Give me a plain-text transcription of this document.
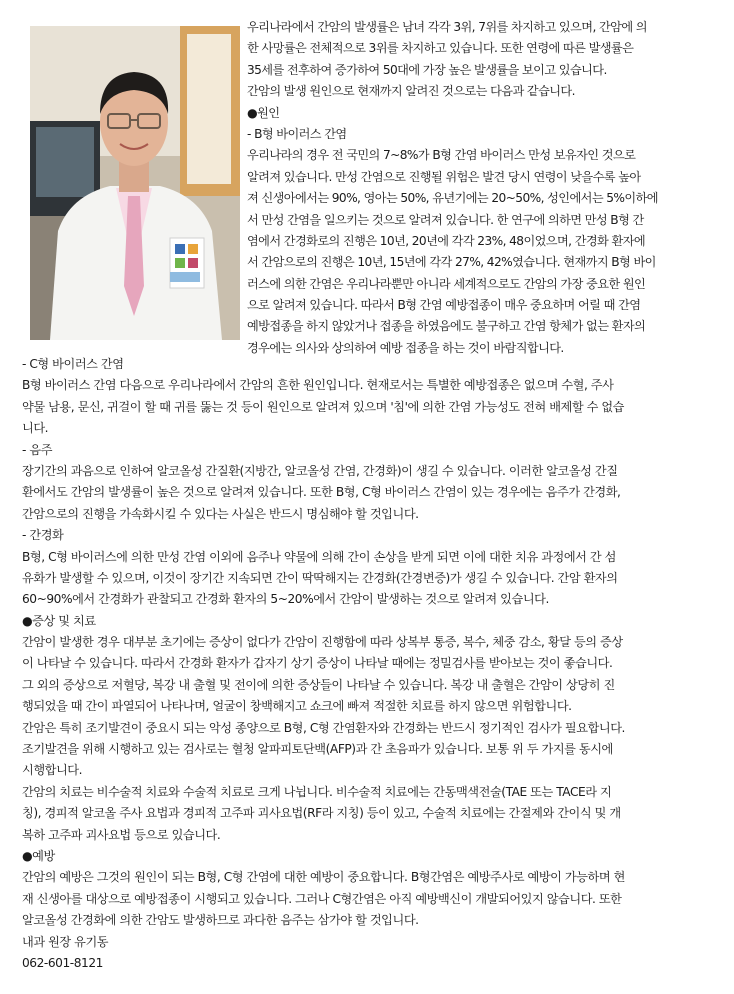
우리나라에서 간암의 발생률은 남녀 각각 3위, 7위를 차지하고 있으며, 간암에 의
한 사망률은 전체적으로 3위를 차지하고 있습니다. 또한 연령에 따른 발생률은
35세를 전후하여 증가하여 50대에 가장 높은 발생률을 보이고 있습니다.
간암의 발생 원인으로 현재까지 알려진 것으로는 다음과 같습니다.
●원인
- B형 바이러스 간염
우리나라의 경우 전 국민의 7~8%가 B형 간염 바이러스 만성 보유자인 것으로
알려져 있습니다. 만성 간염으로 진행될 위험은 발견 당시 연령이 낮을수록 높아
져 신생아에서는 90%, 영아는 50%, 유년기에는 20~50%, 성인에서는 5%이하에
서 만성 간염을 일으키는 것으로 알려져 있습니다. 한 연구에 의하면 만성 B형 간
염에서 간경화로의 진행은 10년, 20년에 각각 23%, 48이었으며, 간경화 환자에
서 간암으로의 진행은 10년, 15년에 각각 27%, 42%였습니다. 현재까지 B형 바이
러스에 의한 간염은 우리나라뿐만 아니라 세계적으로도 간암의 가장 중요한 원인
으로 알려져 있습니다. 따라서 B형 간염 예방접종이 매우 중요하며 어릴 때 간염
예방접종을 하지 않았거나 접종을 하였음에도 불구하고 간염 항체가 없는 환자의
경우에는 의사와 상의하여 예방 접종을 하는 것이 바람직합니다.
- C형 바이러스 간염
B형 바이러스 간염 다음으로 우리나라에서 간암의 흔한 원인입니다. 현재로서는 특별한 예방접종은 없으며 수혈, 주사
약물 남용, 문신, 귀걸이 할 때 귀를 뚫는 것 등이 원인으로 알려져 있으며 '침'에 의한 간염 가능성도 전혀 배제할 수 없습
니다.
- 음주
장기간의 과음으로 인하여 알코올성 간질환(지방간, 알코올성 간염, 간경화)이 생길 수 있습니다. 이러한 알코올성 간질
환에서도 간암의 발생률이 높은 것으로 알려져 있습니다. 또한 B형, C형 바이러스 간염이 있는 경우에는 음주가 간경화,
간암으로의 진행을 가속화시킬 수 있다는 사실은 반드시 명심해야 할 것입니다.
- 간경화
B형, C형 바이러스에 의한 만성 간염 이외에 음주나 약물에 의해 간이 손상을 받게 되면 이에 대한 치유 과정에서 간 섬
유화가 발생할 수 있으며, 이것이 장기간 지속되면 간이 딱딱해지는 간경화(간경변증)가 생길 수 있습니다. 간암 환자의
60~90%에서 간경화가 관찰되고 간경화 환자의 5~20%에서 간암이 발생하는 것으로 알려져 있습니다.
●증상 및 치료
간암이 발생한 경우 대부분 초기에는 증상이 없다가 간암이 진행함에 따라 상복부 통증, 복수, 체중 감소, 황달 등의 증상
이 나타날 수 있습니다. 따라서 간경화 환자가 갑자기 상기 증상이 나타날 때에는 정밀검사를 받아보는 것이 좋습니다.
그 외의 증상으로 저혈당, 복강 내 출혈 및 전이에 의한 증상들이 나타날 수 있습니다. 복강 내 출혈은 간암이 상당히 진
행되었을 때 간이 파열되어 나타나며, 얼굴이 창백해지고 쇼크에 빠져 적절한 치료를 하지 않으면 위험합니다.
간암은 특히 조기발견이 중요시 되는 악성 종양으로 B형, C형 간염환자와 간경화는 반드시 정기적인 검사가 필요합니다.
조기발견을 위해 시행하고 있는 검사로는 혈청 알파피토단백(AFP)과 간 초음파가 있습니다. 보통 위 두 가지를 동시에
시행합니다.
간암의 치료는 비수술적 치료와 수술적 치료로 크게 나뉩니다. 비수술적 치료에는 간동맥색전술(TAE 또는 TACE라 지
칭), 경피적 알코올 주사 요법과 경피적 고주파 괴사요법(RF라 지칭) 등이 있고, 수술적 치료에는 간절제와 간이식 및 개
복하 고주파 괴사요법 등으로 있습니다.
●예방
간암의 예방은 그것의 원인이 되는 B형, C형 간염에 대한 예방이 중요합니다. B형간염은 예방주사로 예방이 가능하며 현
재 신생아를 대상으로 예방접종이 시행되고 있습니다. 그러나 C형간염은 아직 예방백신이 개발되어있지 않습니다. 또한
알코올성 간경화에 의한 간암도 발생하므로 과다한 음주는 삼가야 할 것입니다.
내과 원장 유기동
062-601-8121
